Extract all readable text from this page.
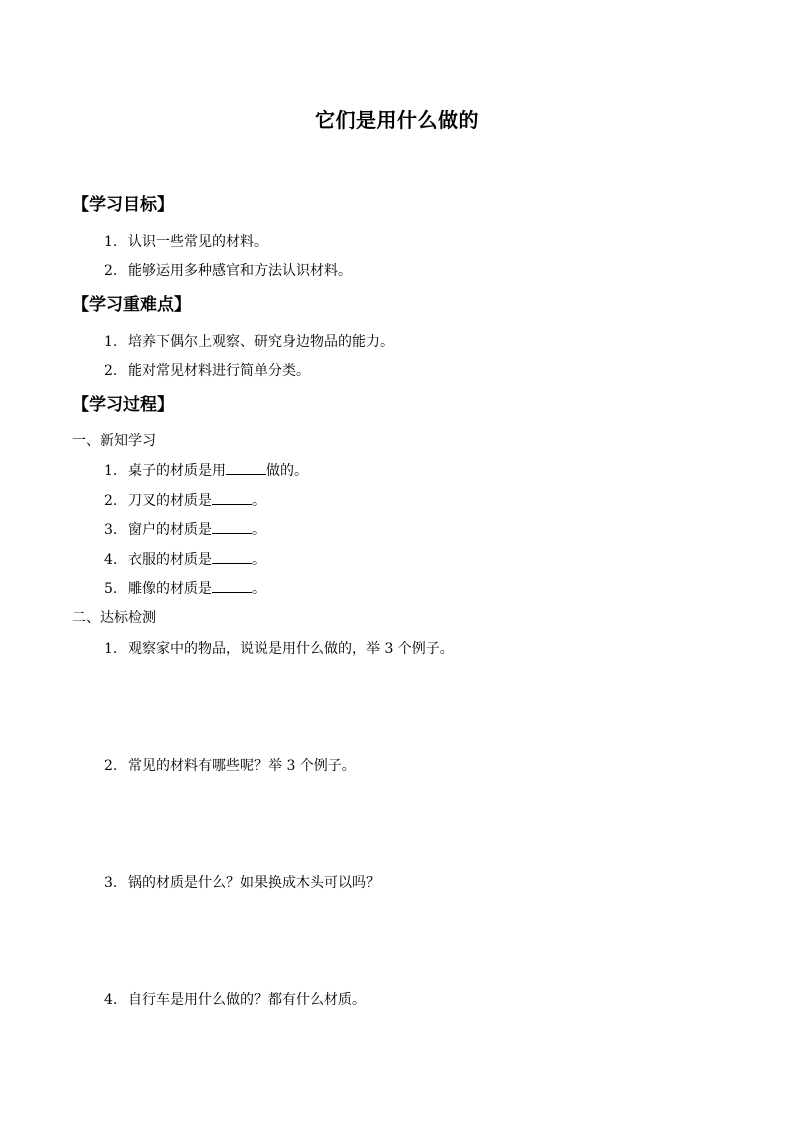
它们是用什么做的
【学习目标】
1. 认识一些常见的材料。
2. 能够运用多种感官和方法认识材料。
【学习重难点】
1. 培养下偶尔上观察、研究身边物品的能力。
2. 能对常见材料进行简单分类。
【学习过程】
一、新知学习
1. 桌子的材质是用	做的。
2. 刀叉的材质是	。
3. 窗户的材质是	。
4. 衣服的材质是	。
5. 雕像的材质是	。
二、达标检测
1. 观察家中的物品，说说是用什么做的，举 3 个例子。
2. 常见的材料有哪些呢？举 3 个例子。
3. 锅的材质是什么？如果换成木头可以吗？
4. 自行车是用什么做的？都有什么材质。
